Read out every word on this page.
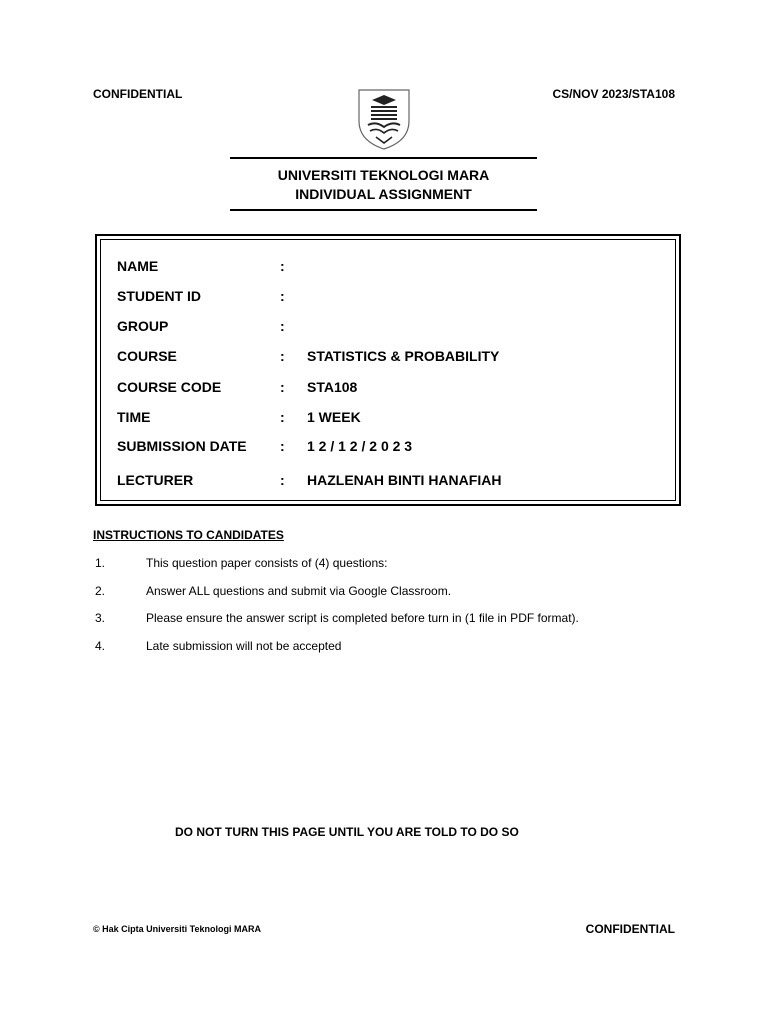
CONFIDENTIAL	CS/NOV 2023/STA108
UNIVERSITI TEKNOLOGI MARA
INDIVIDUAL ASSIGNMENT
NAME	:
STUDENT ID	:
GROUP	:
COURSE	: STATISTICS & PROBABILITY
COURSE CODE	: STA108
TIME	: 1 WEEK
SUBMISSION DATE : 1 2 / 1 2 / 2 0 2 3
LECTURER	: HAZLENAH BINTI HANAFIAH
INSTRUCTIONS TO CANDIDATES
1.	This question paper consists of (4) questions:
2.	Answer ALL questions and submit via Google Classroom.
3.	Please ensure the answer script is completed before turn in (1 file in PDF format).
4.	Late submission will not be accepted
DO NOT TURN THIS PAGE UNTIL YOU ARE TOLD TO DO SO
© Hak Cipta Universiti Teknologi MARA	CONFIDENTIAL
